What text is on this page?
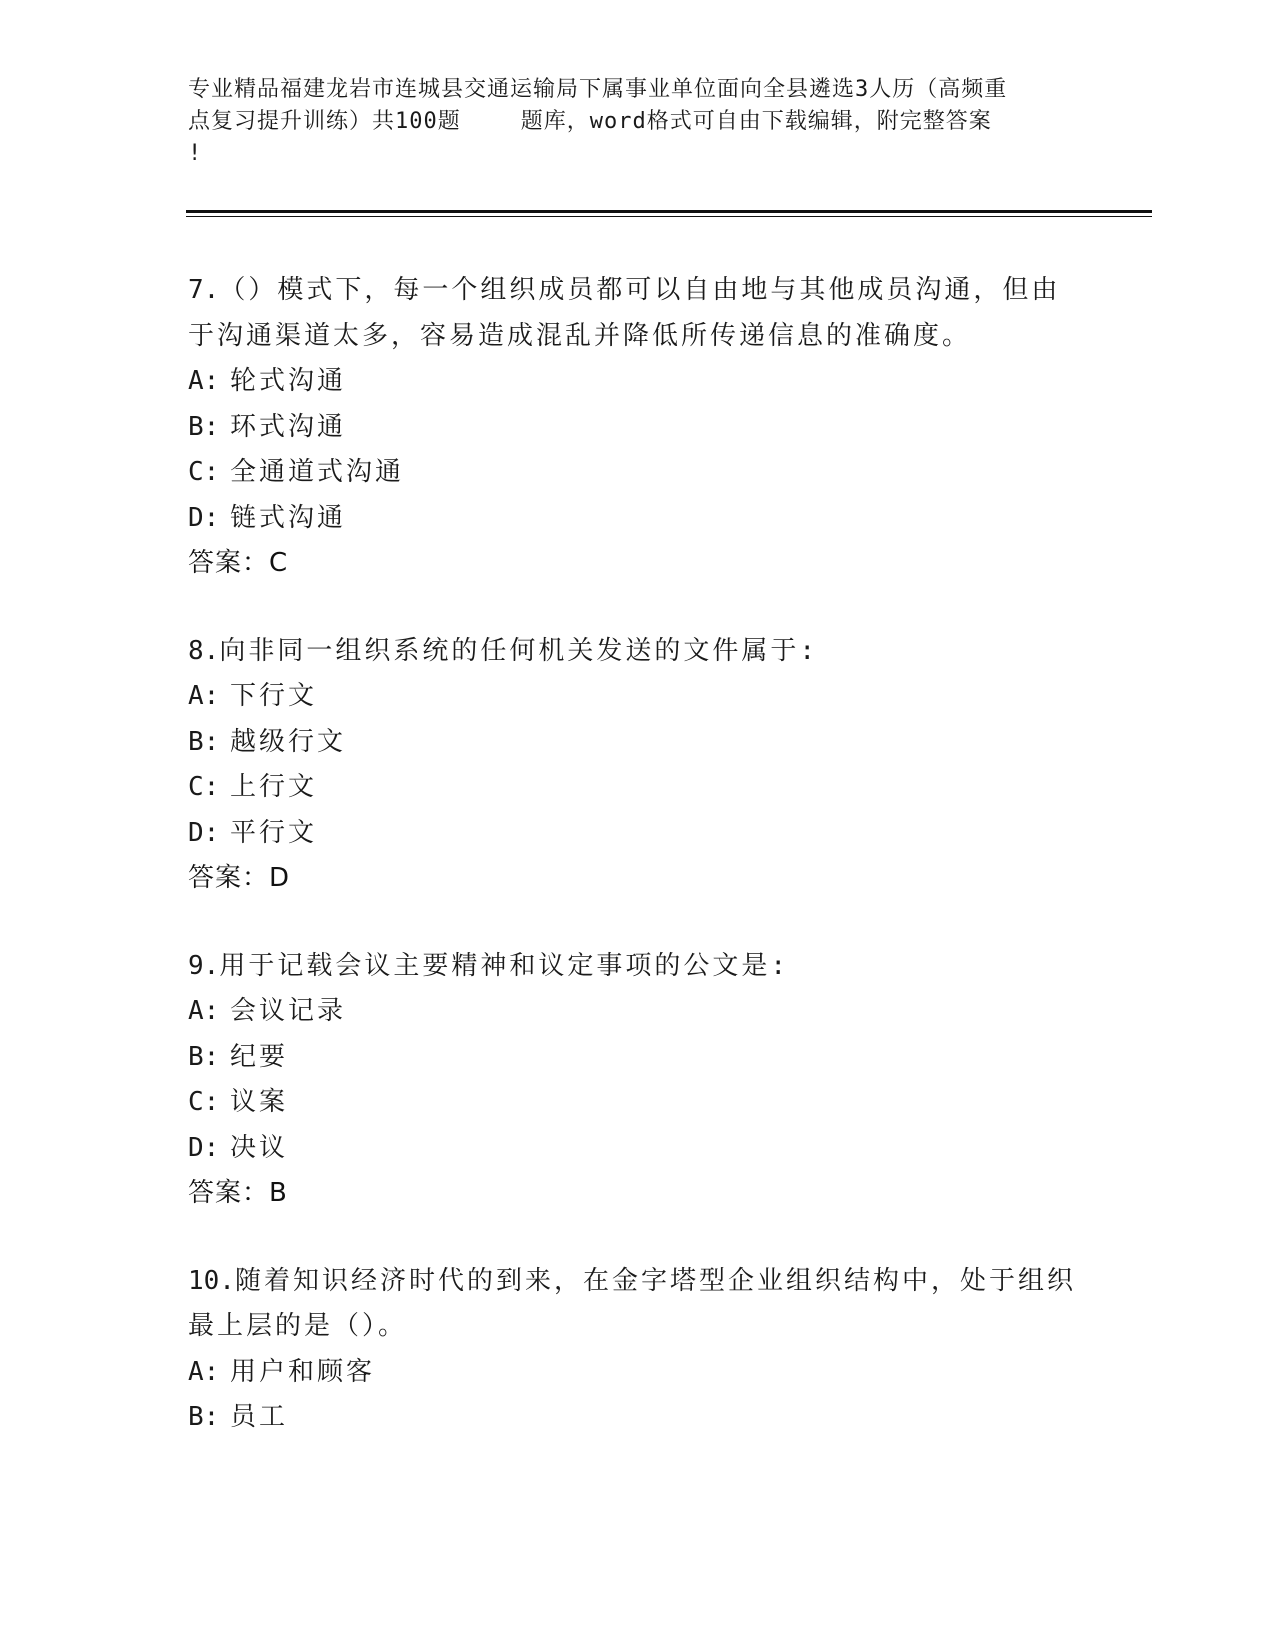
专业精品福建龙岩市连城县交通运输局下属事业单位面向全县遴选3人历（高频重
点复习提升训练）共100题	题库，word格式可自由下载编辑，附完整答案
!
7.（）模式下，每一个组织成员都可以自由地与其他成员沟通，但由
于沟通渠道太多，容易造成混乱并降低所传递信息的准确度。
A: 轮式沟通
B: 环式沟通
C: 全通道式沟通
D: 链式沟通
答案：C
8.向非同一组织系统的任何机关发送的文件属于:
A: 下行文
B: 越级行文
C: 上行文
D: 平行文
答案：D
9.用于记载会议主要精神和议定事项的公文是:
A: 会议记录
B: 纪要
C: 议案
D: 决议
答案：B
10.随着知识经济时代的到来，在金字塔型企业组织结构中，处于组织
最上层的是（）。
A: 用户和顾客
B: 员工
